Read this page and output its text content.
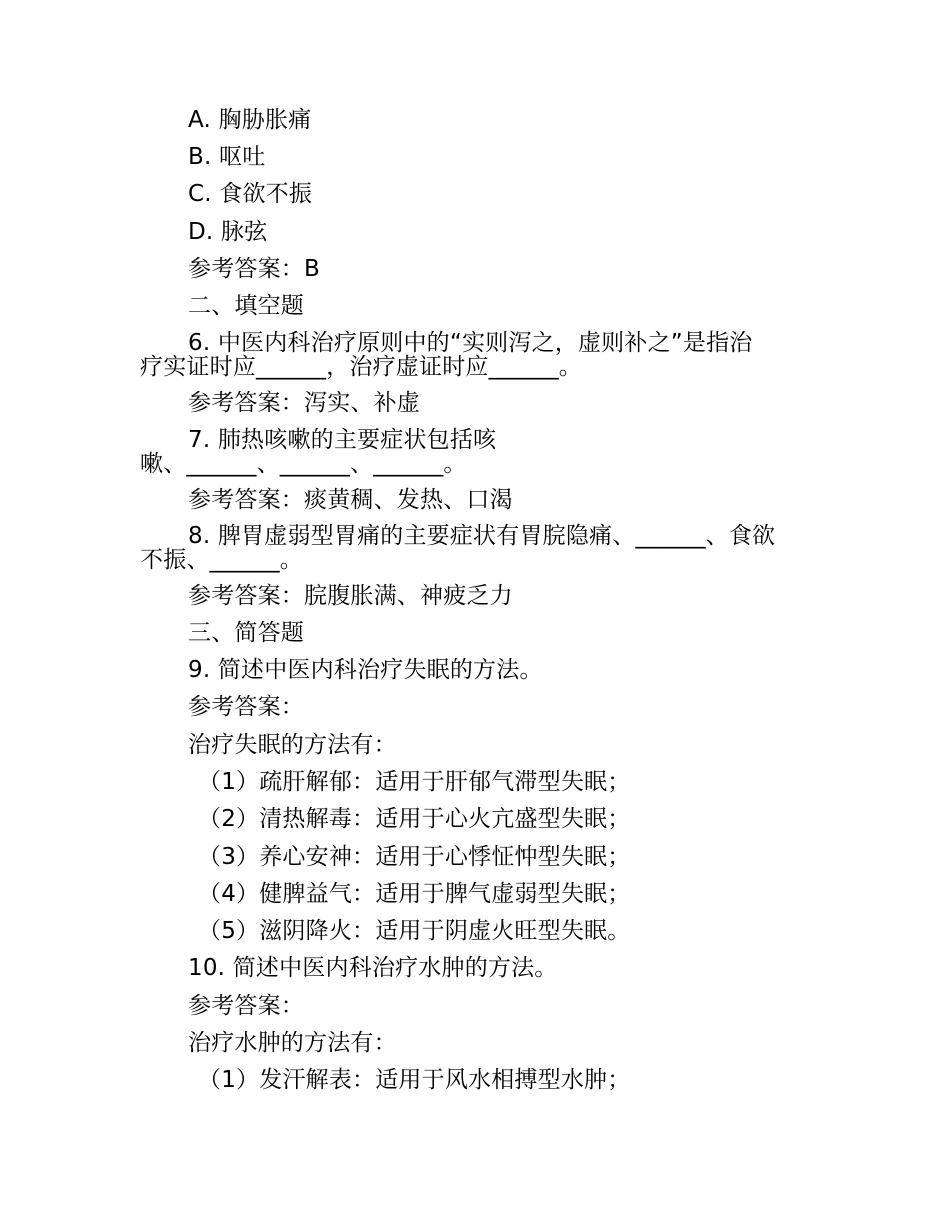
A. 胸胁胀痛
B. 呕吐
C. 食欲不振
D. 脉弦
参考答案：B
二、填空题
6. 中医内科治疗原则中的“实则泻之，虚则补之”是指治
疗实证时应______，治疗虚证时应______。
参考答案：泻实、补虚
7. 肺热咳嗽的主要症状包括咳
嗽、______、______、______。
参考答案：痰黄稠、发热、口渴
8. 脾胃虚弱型胃痛的主要症状有胃脘隐痛、______、食欲
不振、______。
参考答案：脘腹胀满、神疲乏力
三、简答题
9. 简述中医内科治疗失眠的方法。
参考答案：
治疗失眠的方法有：
（1）疏肝解郁：适用于肝郁气滞型失眠；
（2）清热解毒：适用于心火亢盛型失眠；
（3）养心安神：适用于心悸怔忡型失眠；
（4）健脾益气：适用于脾气虚弱型失眠；
（5）滋阴降火：适用于阴虚火旺型失眠。
10. 简述中医内科治疗水肿的方法。
参考答案：
治疗水肿的方法有：
（1）发汗解表：适用于风水相搏型水肿；
